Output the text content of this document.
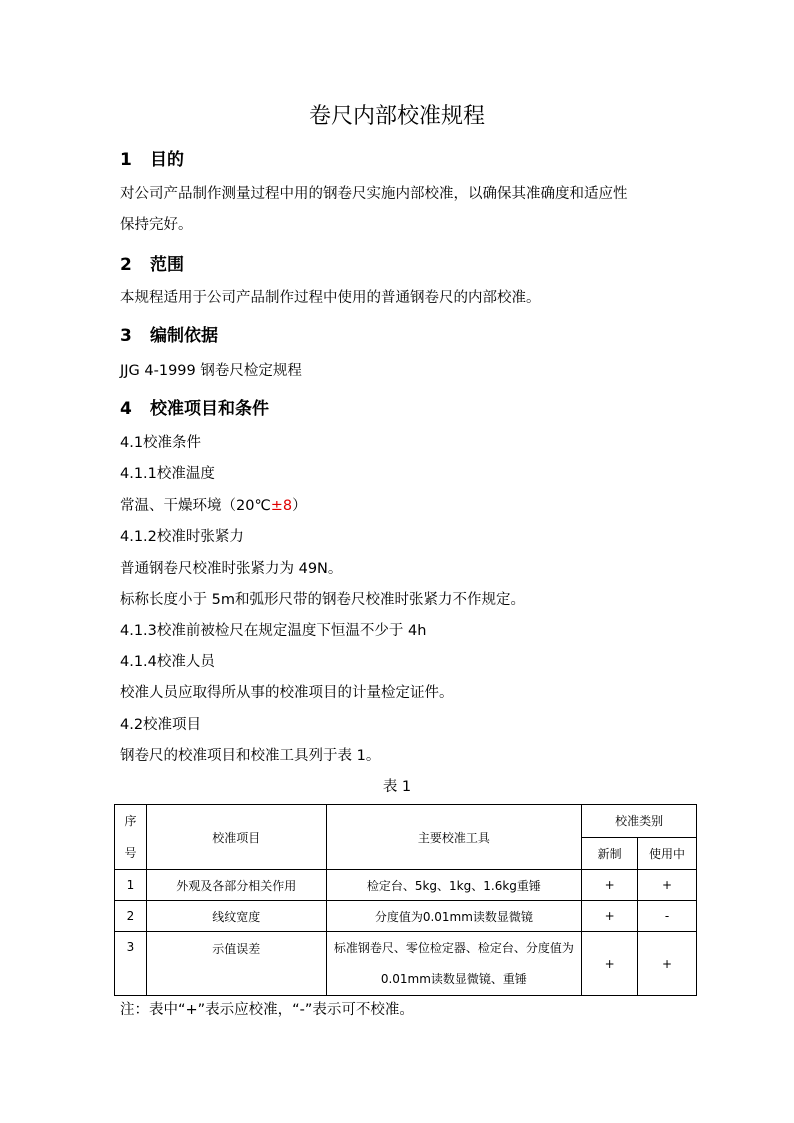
卷尺内部校准规程
1 目的
对公司产品制作测量过程中用的钢卷尺实施内部校准，以确保其准确度和适应性
保持完好。
2 范围
本规程适用于公司产品制作过程中使用的普通钢卷尺的内部校准。
3 编制依据
JJG 4-1999 钢卷尺检定规程
4 校准项目和条件
4.1校准条件
4.1.1校准温度
常温、干燥环境（20℃±8）
4.1.2校准时张紧力
普通钢卷尺校准时张紧力为 49N。
标称长度小于 5m和弧形尺带的钢卷尺校准时张紧力不作规定。
4.1.3校准前被检尺在规定温度下恒温不少于 4h
4.1.4校准人员
校准人员应取得所从事的校准项目的计量检定证件。
4.2校准项目
钢卷尺的校准项目和校准工具列于表 1。
表 1
序
号	校准项目	主要校准工具	校准类别	
			新制	使用中
1	外观及各部分相关作用	检定台、5kg、1kg、1.6kg重锤	+	+
2	线纹宽度	分度值为0.01mm读数显微镜	+	-
3	示值误差	标准钢卷尺、零位检定器、检定台、分度值为
0.01mm读数显微镜、重锤	+	+
注：表中“+”表示应校准，“-”表示可不校准。
